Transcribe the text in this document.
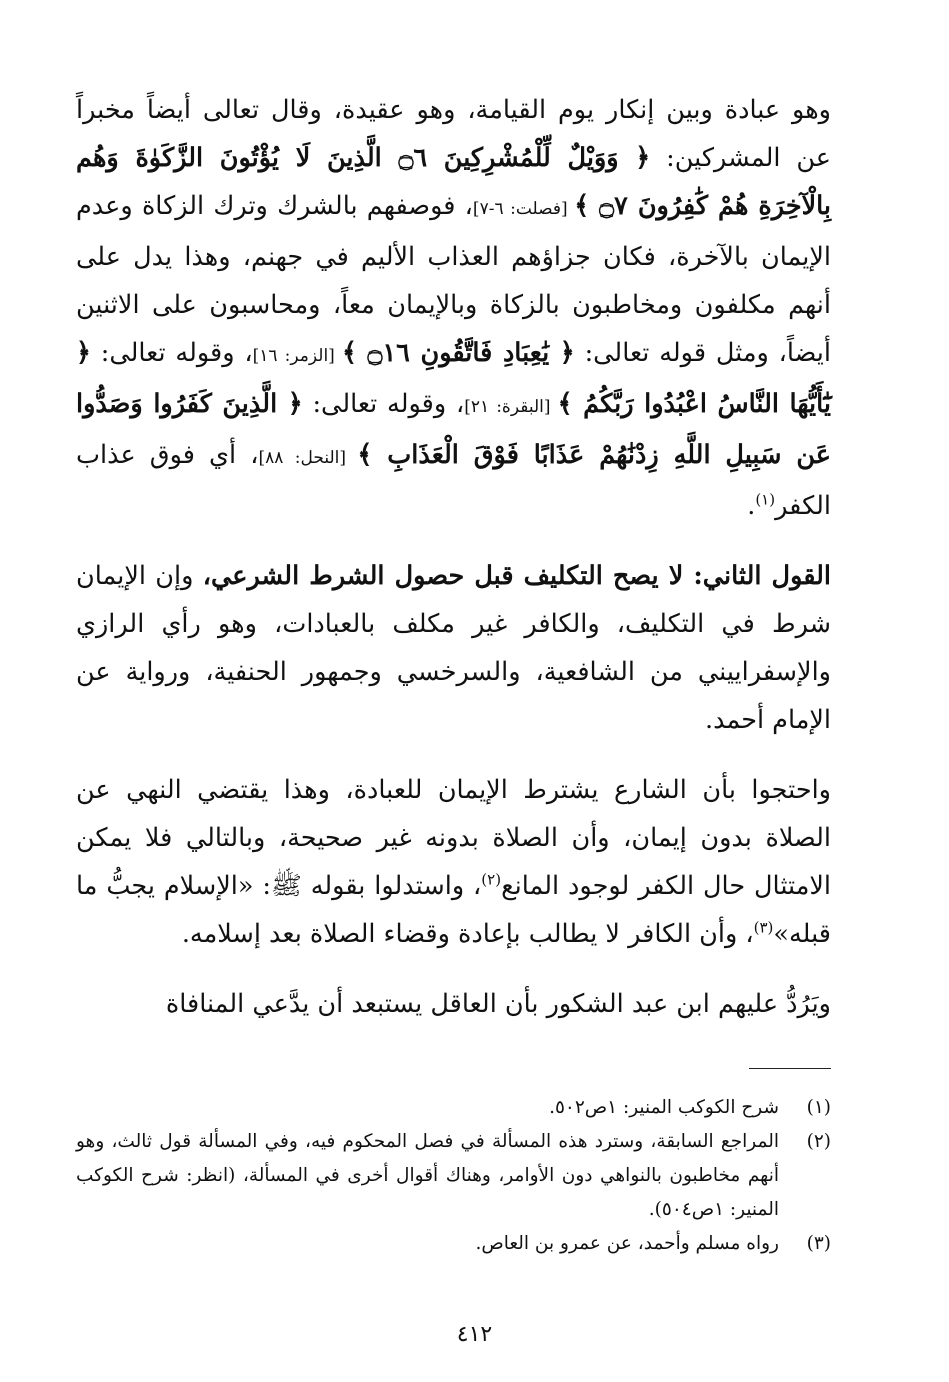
وهو عبادة وبين إنكار يوم القيامة، وهو عقيدة، وقال تعالى أيضاً مخبراً عن المشركين: ﴿ وَوَيْلٌ لِّلْمُشْرِكِينَ ۝٦ الَّذِينَ لَا يُؤْتُونَ الزَّكَوٰةَ وَهُم بِالْآخِرَةِ هُمْ كَٰفِرُونَ ۝٧ ﴾ [فصلت: ٦-٧]، فوصفهم بالشرك وترك الزكاة وعدم الإيمان بالآخرة، فكان جزاؤهم العذاب الأليم في جهنم، وهذا يدل على أنهم مكلفون ومخاطبون بالزكاة وبالإيمان معاً، ومحاسبون على الاثنين أيضاً، ومثل قوله تعالى: ﴿ يَٰعِبَادِ فَاتَّقُونِ ۝١٦ ﴾ [الزمر: ١٦]، وقوله تعالى: ﴿ يَٰٓأَيُّهَا النَّاسُ اعْبُدُوا رَبَّكُمُ ﴾ [البقرة: ٢١]، وقوله تعالى: ﴿ الَّذِينَ كَفَرُوا وَصَدُّوا عَن سَبِيلِ اللَّهِ زِدْنَٰهُمْ عَذَابًا فَوْقَ الْعَذَابِ ﴾ [النحل: ٨٨]، أي فوق عذاب الكفر$^{(١)}$.

القول الثاني: لا يصح التكليف قبل حصول الشرط الشرعي، وإن الإيمان شرط في التكليف، والكافر غير مكلف بالعبادات، وهو رأي الرازي والإسفراييني من الشافعية، والسرخسي وجمهور الحنفية، ورواية عن الإمام أحمد.

واحتجوا بأن الشارع يشترط الإيمان للعبادة، وهذا يقتضي النهي عن الصلاة بدون إيمان، وأن الصلاة بدونه غير صحيحة، وبالتالي فلا يمكن الامتثال حال الكفر لوجود المانع$^{(٢)}$، واستدلوا بقوله ﷺ: «الإسلام يجبُّ ما قبله»$^{(٣)}$، وأن الكافر لا يطالب بإعادة وقضاء الصلاة بعد إسلامه.

ويَرُدُّ عليهم ابن عبد الشكور بأن العاقل يستبعد أن يدَّعي المنافاة

(١)
شرح الكوكب المنير: ١ص٥٠٢.
(٢)
المراجع السابقة، وسترد هذه المسألة في فصل المحكوم فيه، وفي المسألة قول ثالث، وهو أنهم مخاطبون بالنواهي دون الأوامر، وهناك أقوال أخرى في المسألة، (انظر: شرح الكوكب المنير: ١ص٥٠٤).
(٣)
رواه مسلم وأحمد، عن عمرو بن العاص.
٤١٢
